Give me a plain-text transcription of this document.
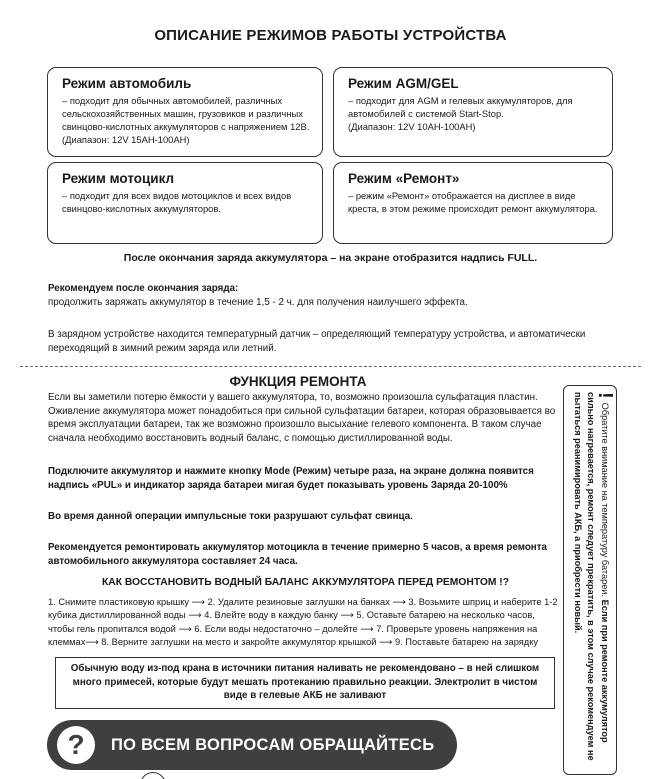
ОПИСАНИЕ РЕЖИМОВ РАБОТЫ УСТРОЙСТВА
Режим автомобиль

– подходит для обычных автомобилей, различных сельскохозяйственных машин, грузовиков и различных свинцово-кислотных аккумуляторов с напряжением 12В.

(Диапазон: 12V 15AH-100AH)

Режим AGM/GEL

– подходит для AGM и гелевых аккумуляторов, для автомобилей с системой Start-Stop.

(Диапазон: 12V 10AH-100AH)

Режим мотоцикл

– подходит для всех видов мотоциклов и всех видов свинцово-кислотных аккумуляторов.

Режим «Ремонт»

– режим «Ремонт» отображается на дисплее в виде креста, в этом режиме происходит ремонт аккумулятора.

После окончания заряда аккумулятора – на экране отобразится надпись FULL.
Рекомендуем после окончания заряда:
продолжить заряжать аккумулятор в течение 1,5 - 2 ч. для получения наилучшего эффекта.
В зарядном устройстве находится температурный датчик – определяющий температуру устройства, и автоматически переходящий в зимний режим заряда или летний.
ФУНКЦИЯ РЕМОНТА
Если вы заметили потерю ёмкости у вашего аккумулятора, то, возможно произошла сульфатация пластин. Оживление аккумулятора может понадобиться при сильной сульфатации батареи, которая образовывается во время эксплуатации батареи, так же возможно произошло высыхание гелевого компонента. В таком случае сначала необходимо восстановить водный баланс, с помощью дистиллированной воды.
Подключите аккумулятор и нажмите кнопку Mode (Режим) четыре раза, на экране должна появится надпись «PUL» и индикатор заряда батареи мигая будет показывать уровень Заряда 20-100%
Во время данной операции импульсные токи разрушают сульфат свинца.
Рекомендуется ремонтировать аккумулятор мотоцикла в течение примерно 5 часов, а время ремонта автомобильного аккумулятора составляет 24 часа.
КАК ВОССТАНОВИТЬ ВОДНЫЙ БАЛАНС АККУМУЛЯТОРА ПЕРЕД РЕМОНТОМ !?
1. Снимите пластиковую крышку ⟶ 2. Удалите резиновые заглушки на банках ⟶ 3. Возьмите шприц и наберите 1-2 кубика дистиллированной воды ⟶ 4. Влейте воду в каждую банку ⟶ 5. Оставьте батарею на несколько часов, чтобы гель пропитался водой ⟶ 6. Если воды недостаточно – долейте ⟶ 7. Проверьте уровень напряжения на клеммах⟶ 8. Верните заглушки на место и закройте аккумулятор крышкой ⟶ 9. Поставьте батарею на зарядку
Обычную воду из-под крана в источники питания наливать не рекомендовано – в ней слишком много примесей, которые будут мешать протеканию правильно реакции. Электролит в чистом виде в гелевые АКБ не заливают
!Обратите внимание на температуру батареи. Если при ремонте аккумулятор сильно нагревается, ремонт следует прекратить, в этом случае рекомендуем не пытаться реанимировать АКБ, а приобрести новый.
?	ПО ВСЕМ ВОПРОСАМ ОБРАЩАЙТЕСЬ
